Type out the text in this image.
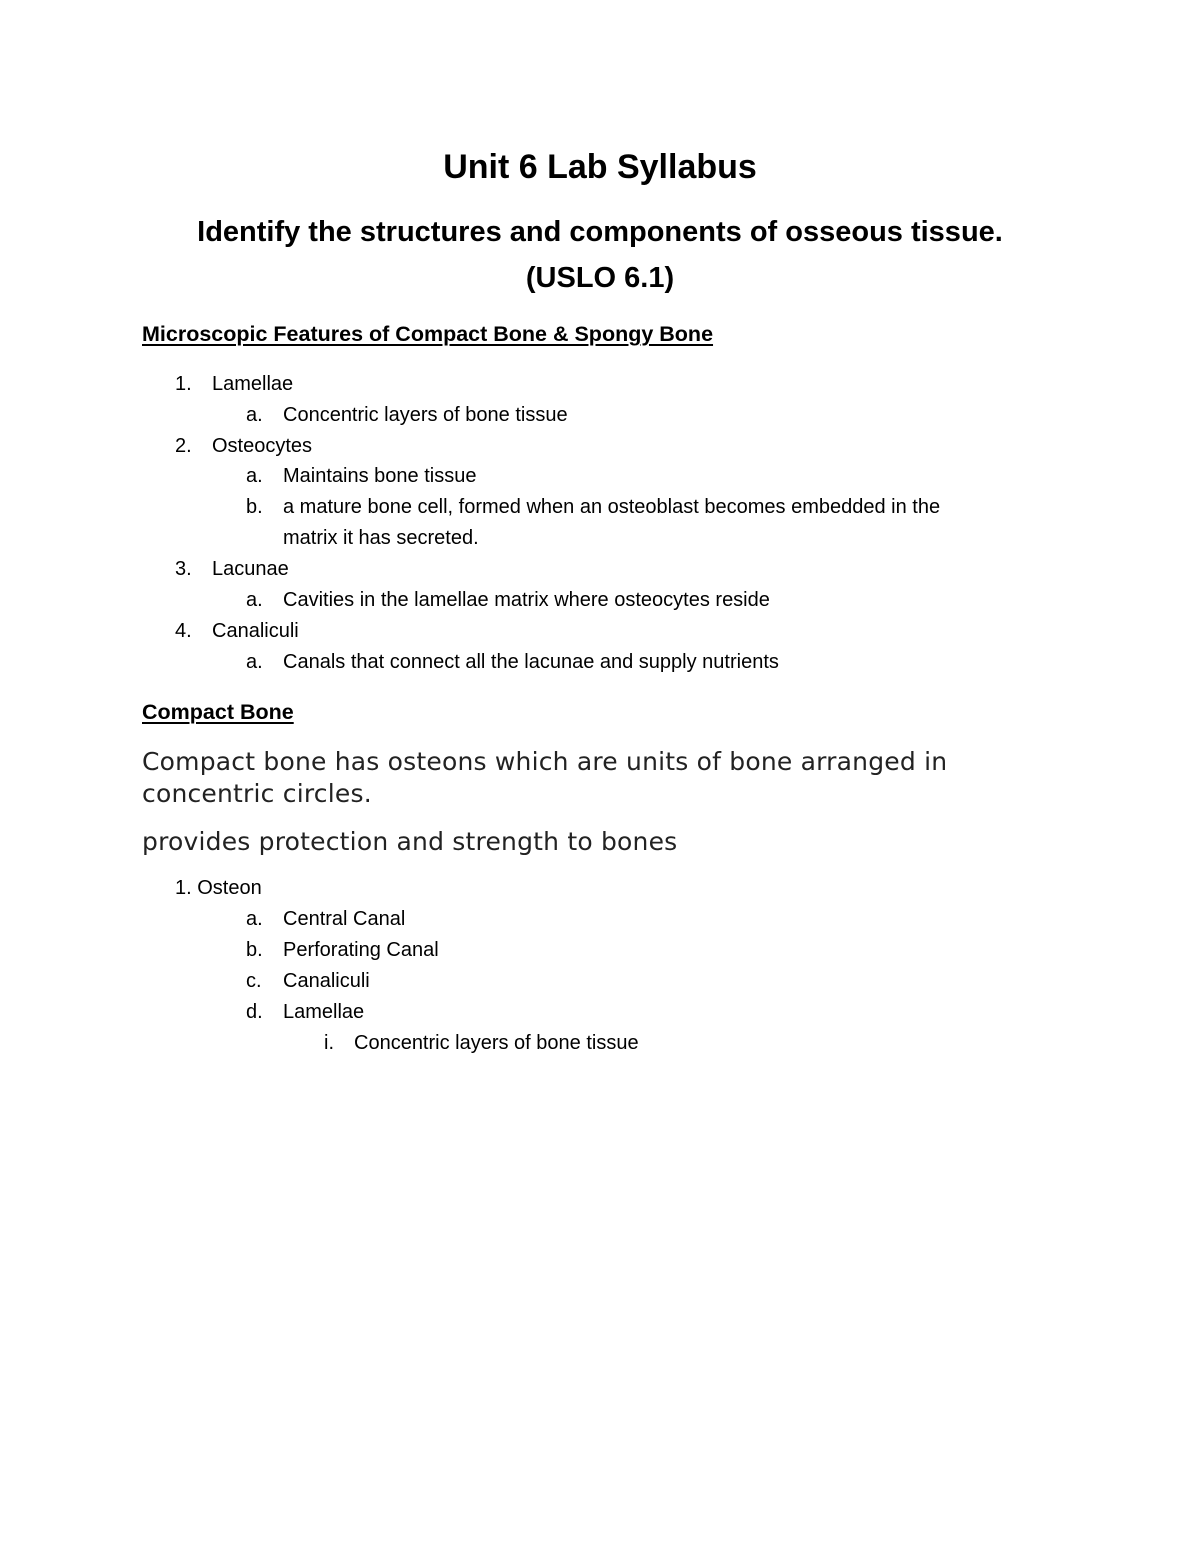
Unit 6 Lab Syllabus
Identify the structures and components of osseous tissue.
(USLO 6.1)
Microscopic Features of Compact Bone & Spongy Bone
1. Lamellae
a. Concentric layers of bone tissue
2. Osteocytes
a. Maintains bone tissue
b. a mature bone cell, formed when an osteoblast becomes embedded in the
matrix it has secreted.
3. Lacunae
a. Cavities in the lamellae matrix where osteocytes reside
4. Canaliculi
a. Canals that connect all the lacunae and supply nutrients
Compact Bone
Compact bone has osteons which are units of bone arranged in
concentric circles.
provides protection and strength to bones
1. Osteon
a. Central Canal
b. Perforating Canal
c. Canaliculi
d. Lamellae
i. Concentric layers of bone tissue
